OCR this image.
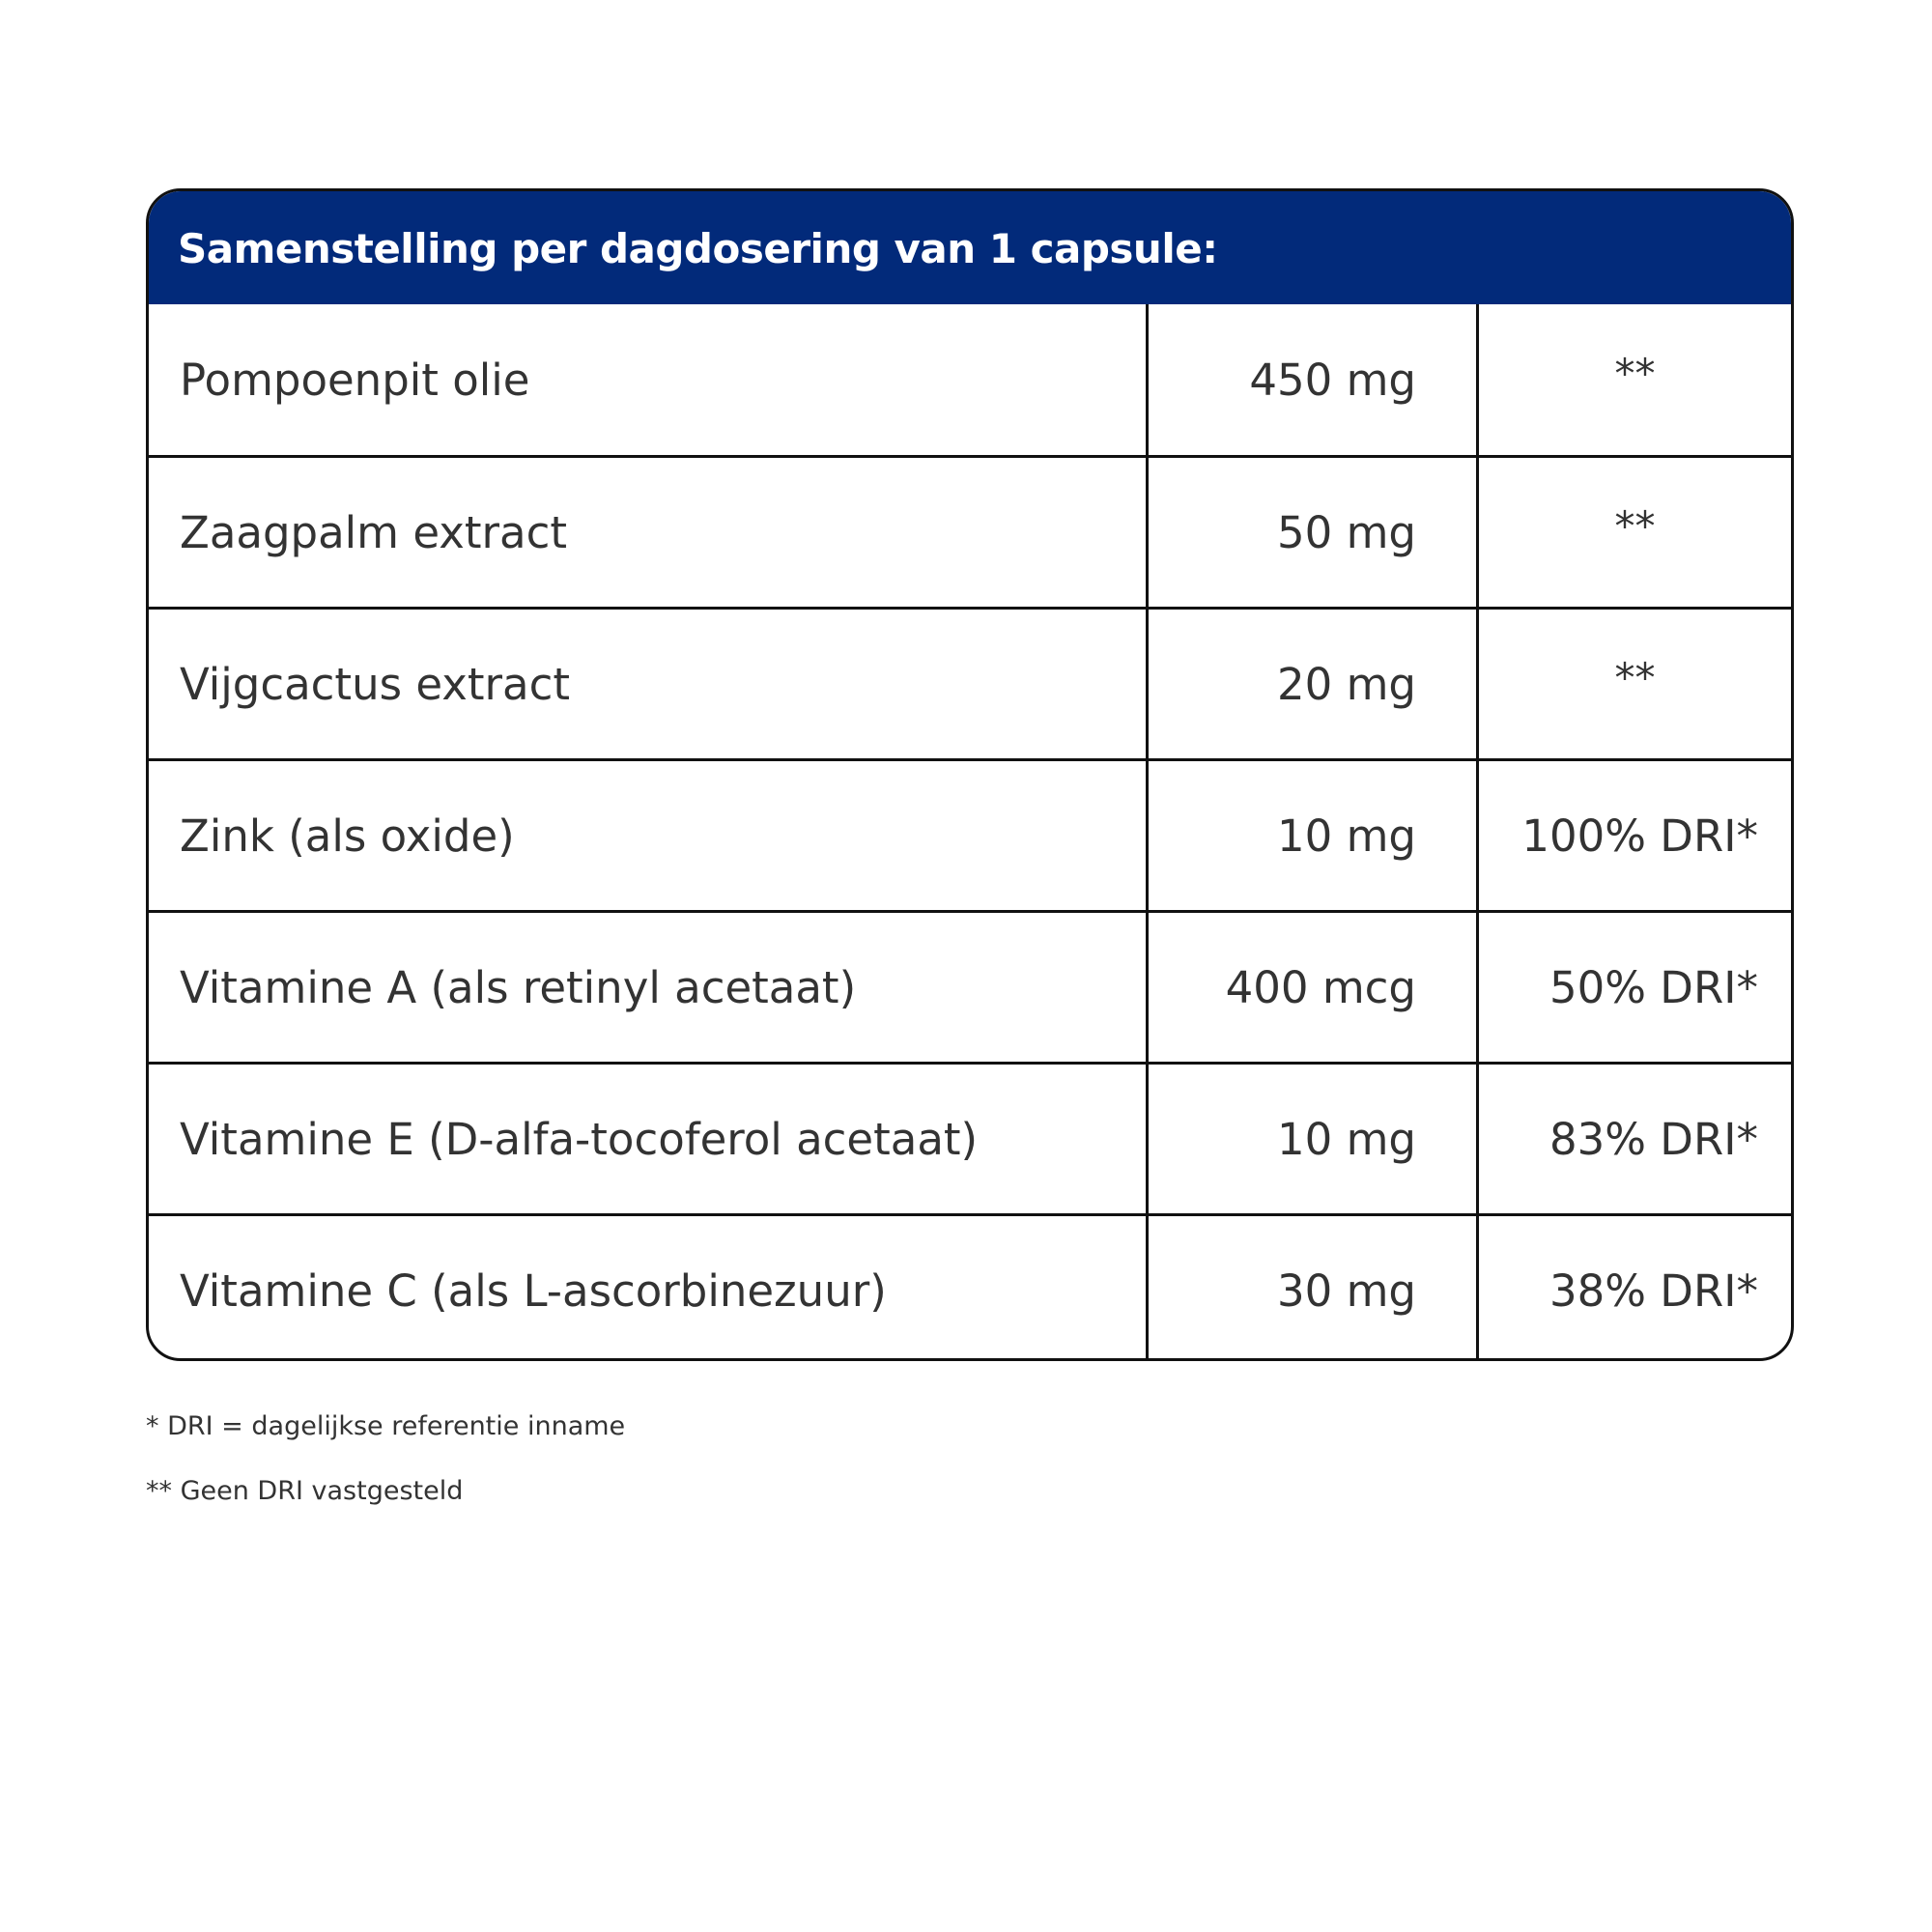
Samenstelling per dagdosering van 1 capsule:
Pompoenpit olie	450 mg	**
Zaagpalm extract	50 mg	**
Vijgcactus extract	20 mg	**
Zink (als oxide)	10 mg	100% DRI*
Vitamine A (als retinyl acetaat)	400 mcg	50% DRI*
Vitamine E (D-alfa-tocoferol acetaat)	10 mg	83% DRI*
Vitamine C (als L-ascorbinezuur)	30 mg	38% DRI*
* DRI = dagelijkse referentie inname
** Geen DRI vastgesteld
